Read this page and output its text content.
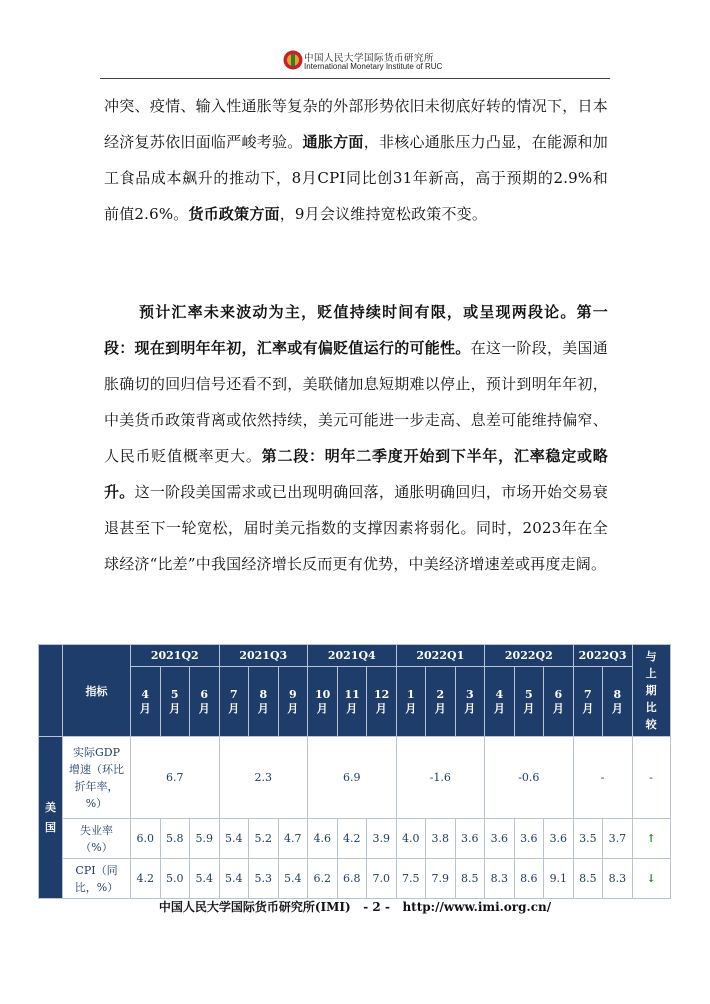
中国人民大学国际货币研究所
International Monetary Institute of RUC

冲突、疫情、输入性通胀等复杂的外部形势依旧未彻底好转的情况下，日本经济复苏依旧面临严峻考验。通胀方面，非核心通胀压力凸显，在能源和加工食品成本飙升的推动下，8月CPI同比创31年新高，高于预期的2.9%和前值2.6%。货币政策方面，9月会议维持宽松政策不变。

预计汇率未来波动为主，贬值持续时间有限，或呈现两段论。第一段：现在到明年年初，汇率或有偏贬值运行的可能性。在这一阶段，美国通胀确切的回归信号还看不到，美联储加息短期难以停止，预计到明年年初，中美货币政策背离或依然持续，美元可能进一步走高、息差可能维持偏窄、人民币贬值概率更大。第二段：明年二季度开始到下半年，汇率稳定或略升。这一阶段美国需求或已出现明确回落，通胀明确回归，市场开始交易衰退甚至下一轮宽松，届时美元指数的支撑因素将弱化。同时，2023年在全球经济“比差”中我国经济增长反而更有优势，中美经济增速差或再度走阔。

	指标	2021Q2			2021Q3			2021Q4			2022Q1			2022Q2			2022Q3		与上期比较
		4月	5月	6月	7月	8月	9月	10月	11月	12月	1月	2月	3月	4月	5月	6月	7月	8月	
美国	实际GDP增速（环比折年率，%）	6.7			2.3			6.9			-1.6			-0.6			-		-
	失业率（%）	6.0	5.8	5.9	5.4	5.2	4.7	4.6	4.2	3.9	4.0	3.8	3.6	3.6	3.6	3.6	3.5	3.7	↑
	CPI（同比，%）	4.2	5.0	5.4	5.4	5.3	5.4	6.2	6.8	7.0	7.5	7.9	8.5	8.3	8.6	9.1	8.5	8.3	↓
中国人民大学国际货币研究所(IMI)   - 2 -   http://www.imi.org.cn/
